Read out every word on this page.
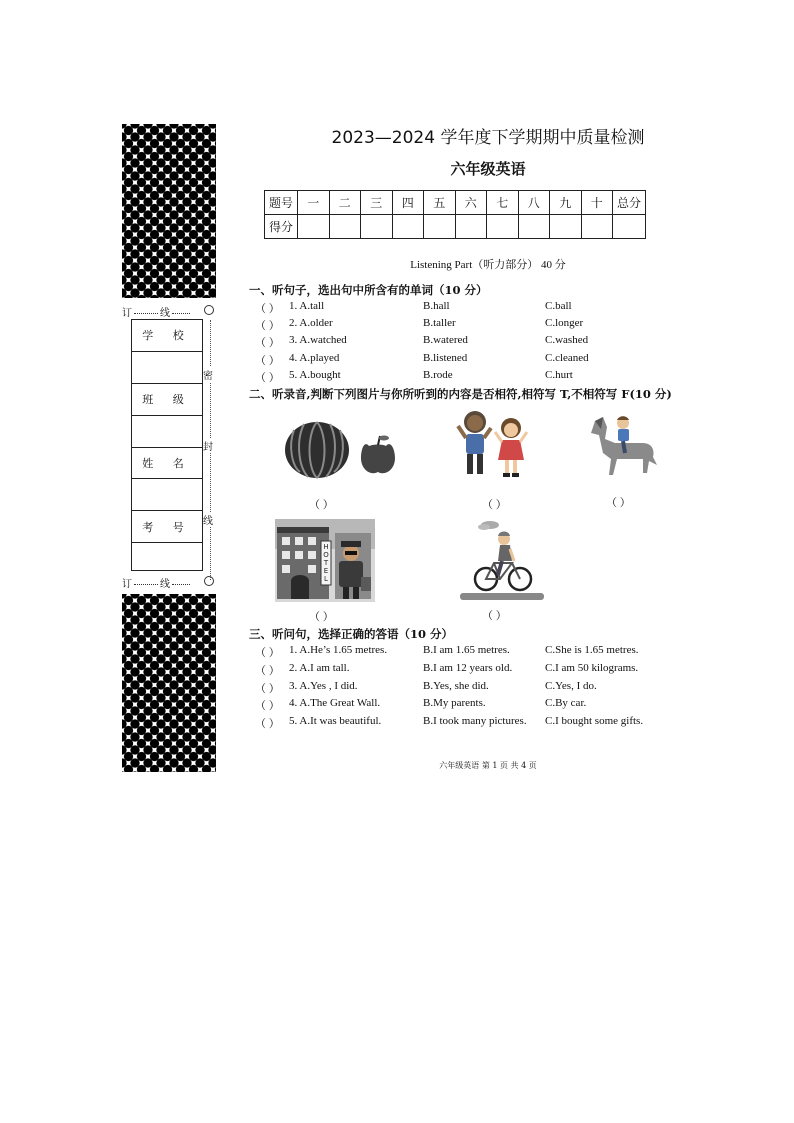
订	线
订	线
学 校
班 级
姓 名
考 号
密
封
线
2023—2024 学年度下学期期中质量检测
六年级英语
题号	一	二	三	四	五	六	七	八	九	十	总分
得分											
Listening Part（听力部分） 40 分
一、听句子，选出句中所含有的单词（10 分）
（ ） 1. A.tall	B.hall	C.ball
（ ） 2. A.older	B.taller	C.longer
（ ） 3. A.watched	B.watered	C.washed
（ ） 4. A.played	B.listened	C.cleaned
（ ） 5. A.bought	B.rode	C.hurt
二、听录音,判断下列图片与你所听到的内容是否相符,相符写 T,不相符写 F(10 分)
H
O
T
E
L
（ ）	（ ）	（ ）
（ ）	（ ）
三、听问句，选择正确的答语（10 分）
（ ） 1. A.He’s 1.65 metres.	B.I am 1.65 metres.	C.She is 1.65 metres.
（ ） 2. A.I am tall.	B.I am 12 years old.	C.I am 50 kilograms.
（ ） 3. A.Yes , I did.	B.Yes, she did.	C.Yes, I do.
（ ） 4. A.The Great Wall.	B.My parents.	C.By car.
（ ） 5. A.It was beautiful.	B.I took many pictures. C.I bought some gifts.
六年级英语 第 1 页 共 4 页
